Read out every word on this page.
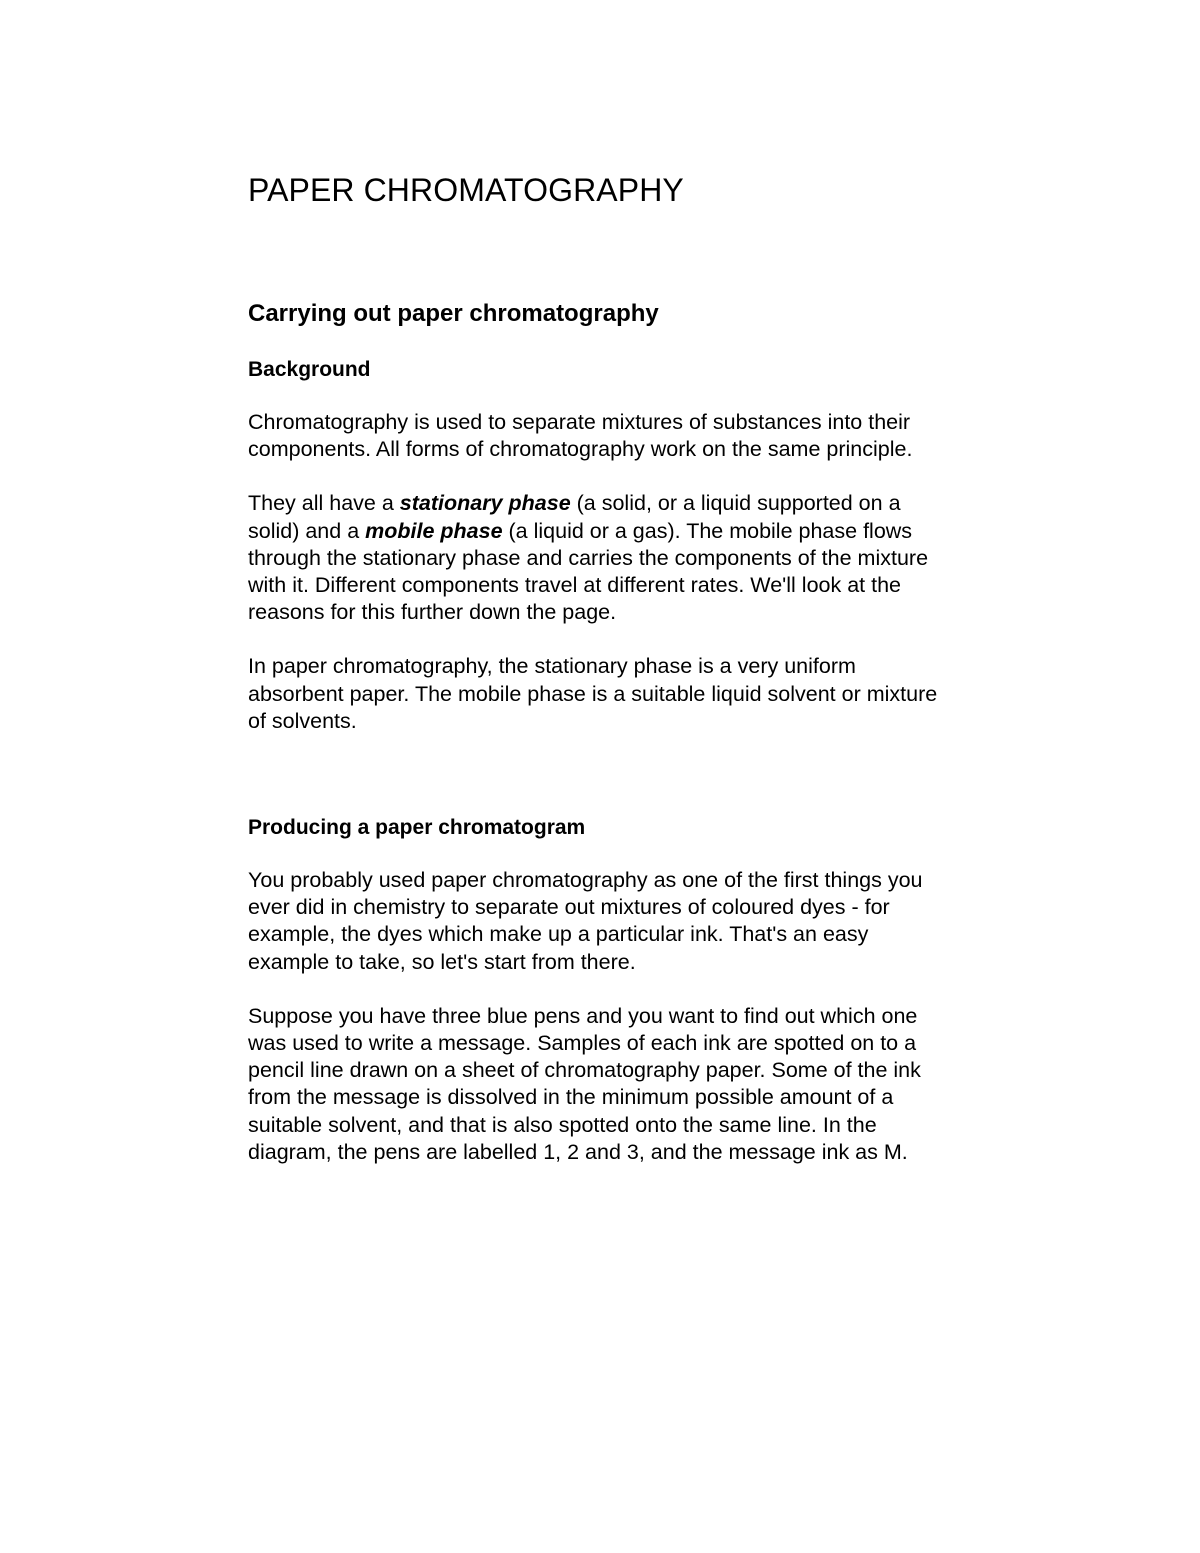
PAPER CHROMATOGRAPHY
Carrying out paper chromatography
Background

Chromatography is used to separate mixtures of substances into their components. All forms of chromatography work on the same principle.

They all have a stationary phase (a solid, or a liquid supported on a solid) and a mobile phase (a liquid or a gas). The mobile phase flows through the stationary phase and carries the components of the mixture with it. Different components travel at different rates. We'll look at the reasons for this further down the page.

In paper chromatography, the stationary phase is a very uniform absorbent paper. The mobile phase is a suitable liquid solvent or mixture of solvents.

Producing a paper chromatogram

You probably used paper chromatography as one of the first things you ever did in chemistry to separate out mixtures of coloured dyes - for example, the dyes which make up a particular ink. That's an easy example to take, so let's start from there.

Suppose you have three blue pens and you want to find out which one was used to write a message. Samples of each ink are spotted on to a pencil line drawn on a sheet of chromatography paper. Some of the ink from the message is dissolved in the minimum possible amount of a suitable solvent, and that is also spotted onto the same line. In the diagram, the pens are labelled 1, 2 and 3, and the message ink as M.
